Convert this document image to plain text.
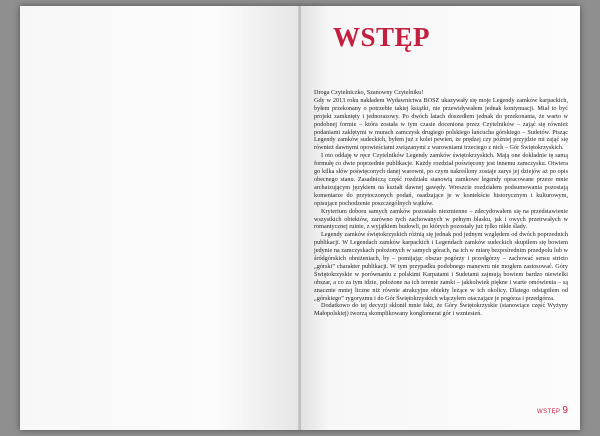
WSTĘP

Droga Czytelniczko, Szanowny Czytelniku!

Gdy w 2013 roku nakładem Wydawnictwa BOSZ ukazywały się moje Legendy zamków karpackich, byłem przekonany o potrzebie takiej książki, nie przewidywałem jednak kontynuacji. Miał to być projekt zamknięty i jednorazowy. Po dwóch latach doszedłem jednak do przekonania, że warto w podobnej formie – która została w tym czasie doceniona przez Czytelników – zająć się również podaniami zaklętymi w murach zamczysk drugiego polskiego łańcucha górskiego – Sudetów. Pisząc Legendy zamków sudeckich, byłem już z kolei pewien, że prędzej czy później przyjdzie mi zająć się również dawnymi opowieściami związanymi z warowniami trzeciego z nich – Gór Świętokrzyskich.

I oto oddaję w ręce Czytelników Legendy zamków świętokrzyskich. Mają one dokładnie tę samą formułę co dwie poprzednie publikacje. Każdy rozdział poświęcony jest innemu zamczysku. Otwiera go kilka słów poświęconych danej warowni, po czym nakreślony zostaje zarys jej dziejów aż po opis obecnego stanu. Zasadniczą część rozdziału stanowią zamkowe legendy opracowane przeze mnie archaizującym językiem na kształt dawnej gawędy. Wreszcie rozdziałem podsumowania pozostają komentarze do przytoczonych podań, osadzające je w kontekście historycznym i kulturowym, opisujące pochodzenie poszczególnych wątków.

Kryterium doboru samych zamków pozostało niezmienne – zdecydowałem się na przedstawienie wszystkich obiektów, zarówno tych zachowanych w pełnym blasku, jak i owych przetrwałych w romantycznej ruinie, z wyjątkiem budowli, po których pozostały już tylko nikłe ślady.

Legendy zamków świętokrzyskich różnią się jednak pod jednym względem od dwóch poprzednich publikacji. W Legendach zamków karpackich i Legendach zamków sudeckich skupiłem się bowiem jedynie na zamczyskach położonych w samych górach, na ich w miarę bezpośrednim przedpolu lub w śródgórskich obniżeniach, by – pomijając obszar pogórzy i przedgórzy – zachować sensu stricto „górski” charakter publikacji. W tym przypadku podobnego manewru nie mogłem zastosować. Góry Świętokrzyskie w porównaniu z polskimi Karpatami i Sudetami zajmują bowiem bardzo niewielki obszar, a co za tym idzie, położone na ich terenie zamki – jakkolwiek piękne i warte omówienia – są znacznie mniej liczne niż równie atrakcyjne obiekty leżące w ich okolicy. Dlatego odstąpiłem od „górskiego” rygoryzmu i do Gór Świętokrzyskich włączyłem otaczające je pogórza i przedgórza.

Dodatkowo do tej decyzji skłonił mnie fakt, że Góry Świętokrzyskie (stanowiące część Wyżyny Małopolskiej) tworzą skomplikowany konglomerat gór i wzniesień.

WSTĘP 9
